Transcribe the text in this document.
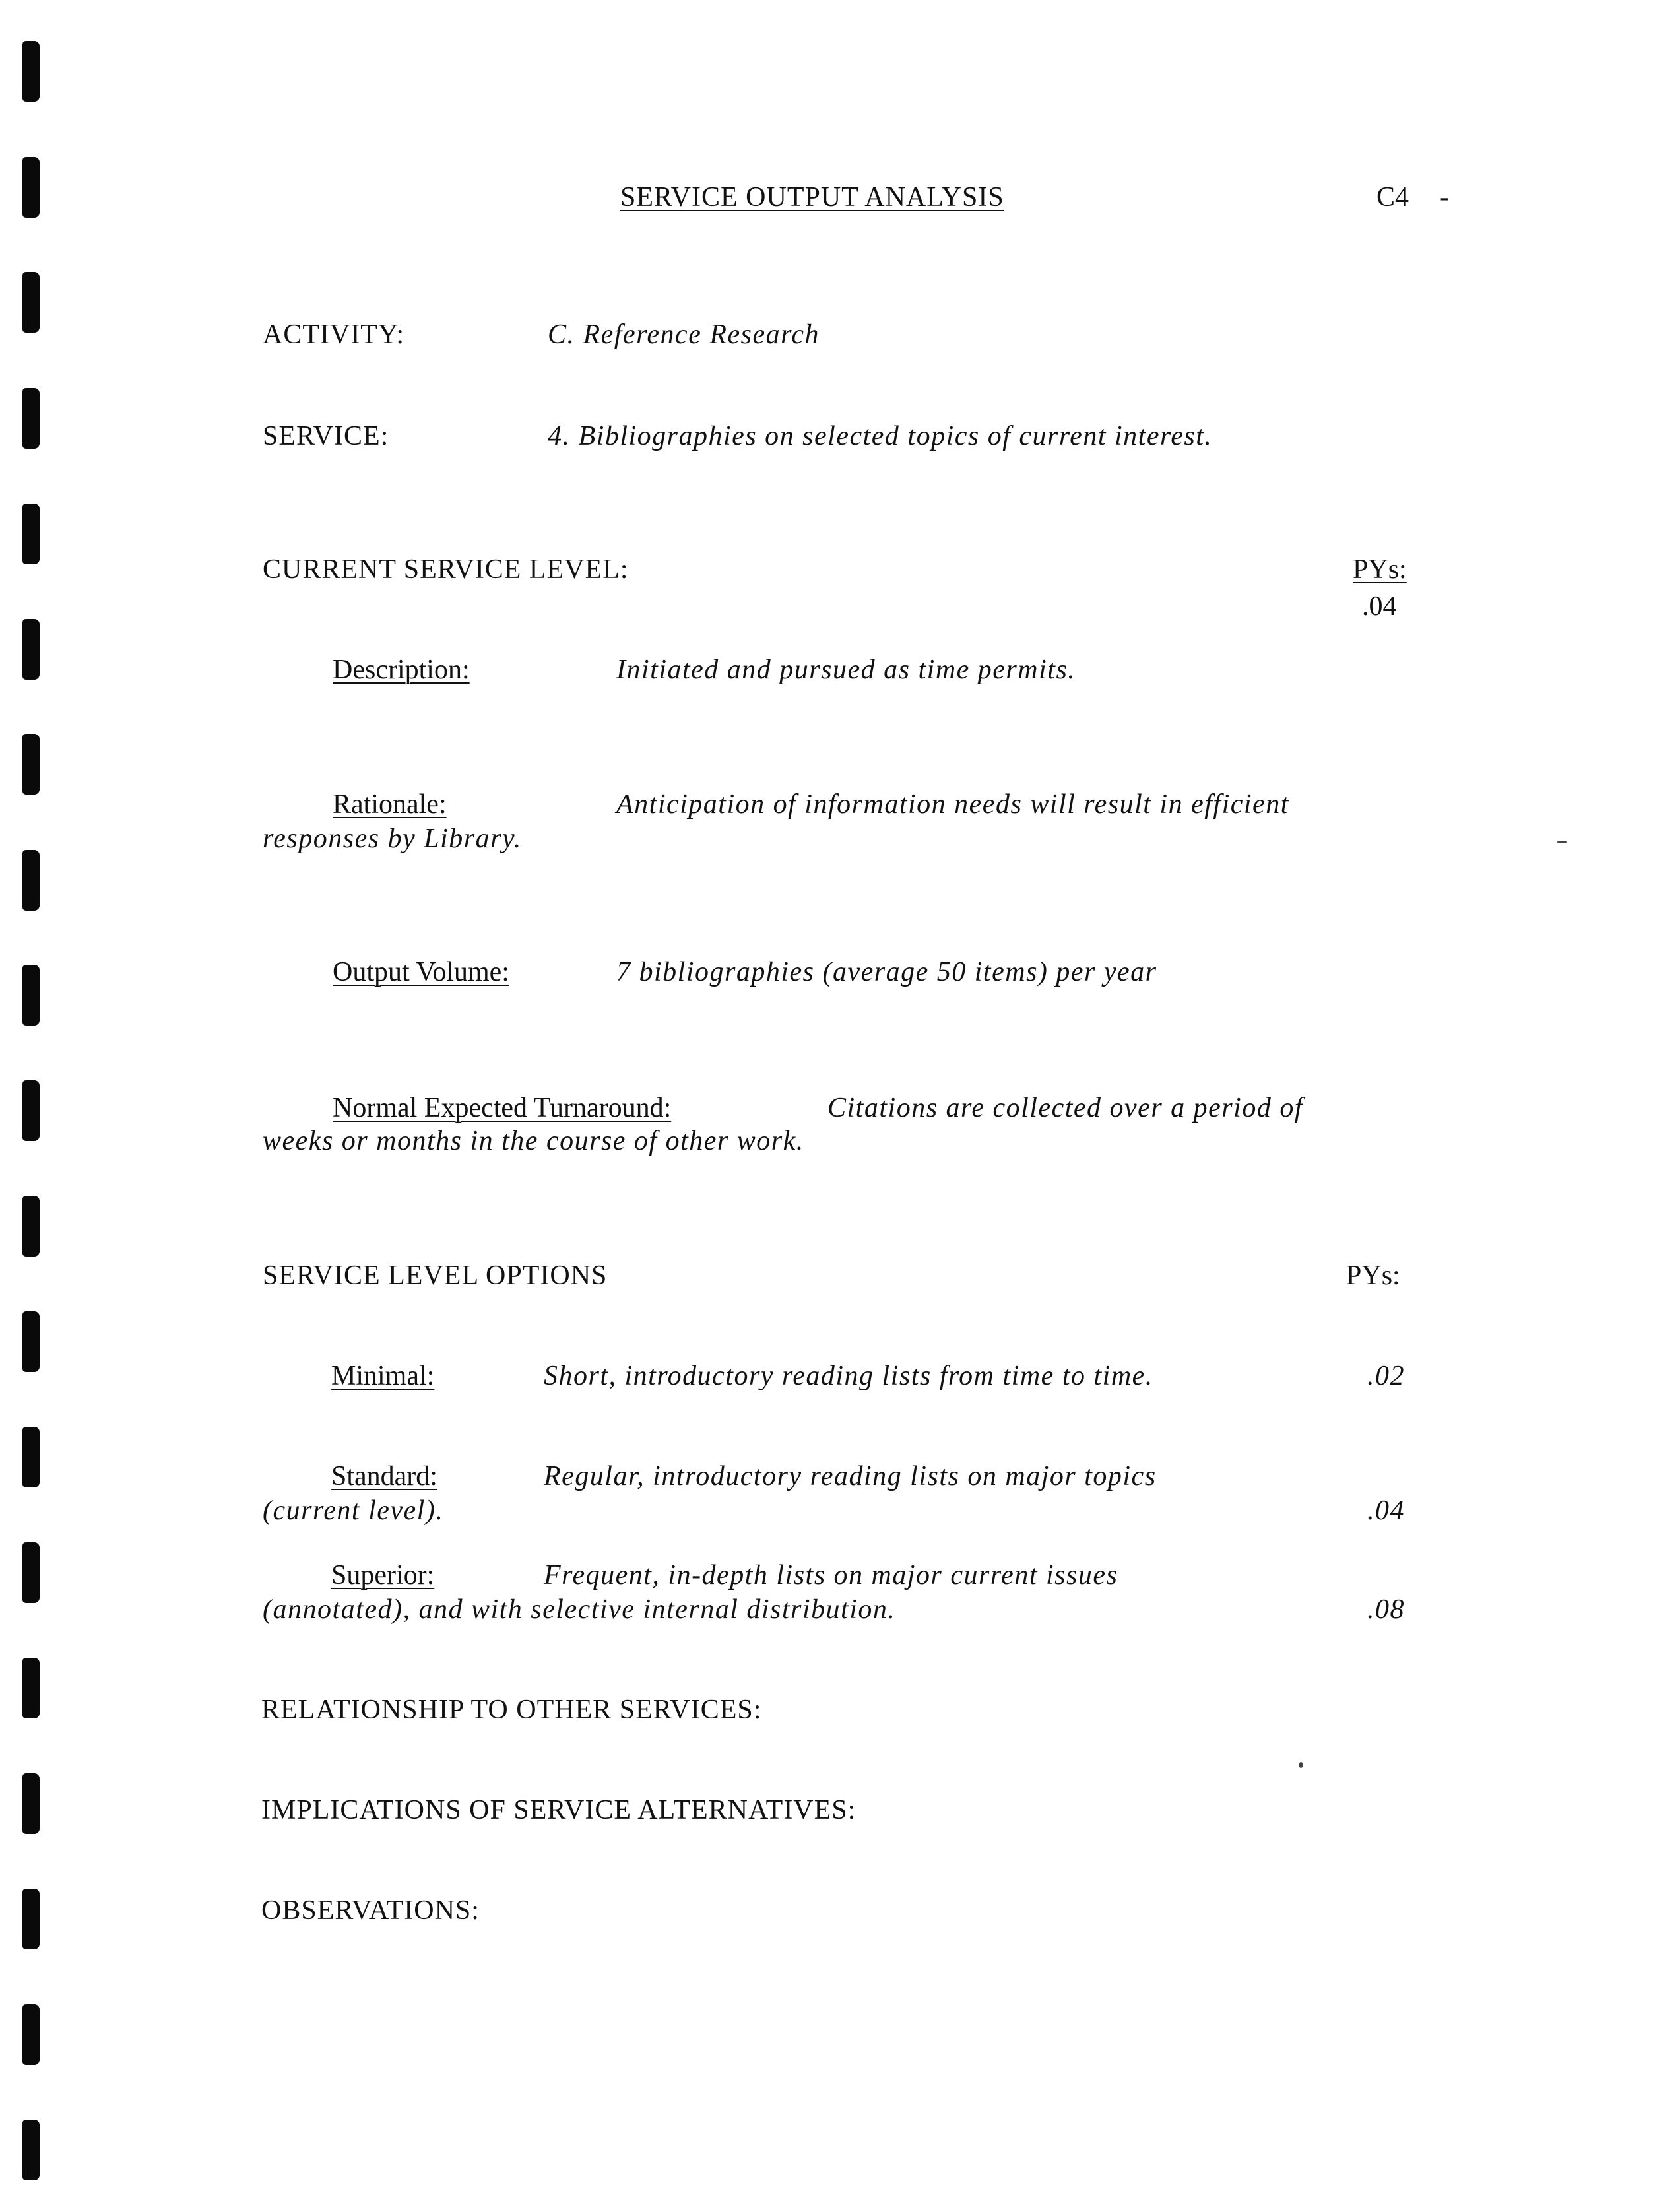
SERVICE OUTPUT ANALYSIS	C4 -
ACTIVITY:	C. Reference Research
SERVICE:	4. Bibliographies on selected topics of current interest.
CURRENT SERVICE LEVEL:	PYs:
.04
Description:	Initiated and pursued as time permits.
Rationale:	Anticipation of information needs will result in efficient
responses by Library.
Output Volume:	7 bibliographies (average 50 items) per year
Normal Expected Turnaround:	Citations are collected over a period of
weeks or months in the course of other work.
SERVICE LEVEL OPTIONS	PYs:
Minimal:	Short, introductory reading lists from time to time.	.02
Standard:	Regular, introductory reading lists on major topics
(current level).	.04
Superior:	Frequent, in-depth lists on major current issues
(annotated), and with selective internal distribution.	.08
RELATIONSHIP TO OTHER SERVICES:
IMPLICATIONS OF SERVICE ALTERNATIVES:
OBSERVATIONS:
